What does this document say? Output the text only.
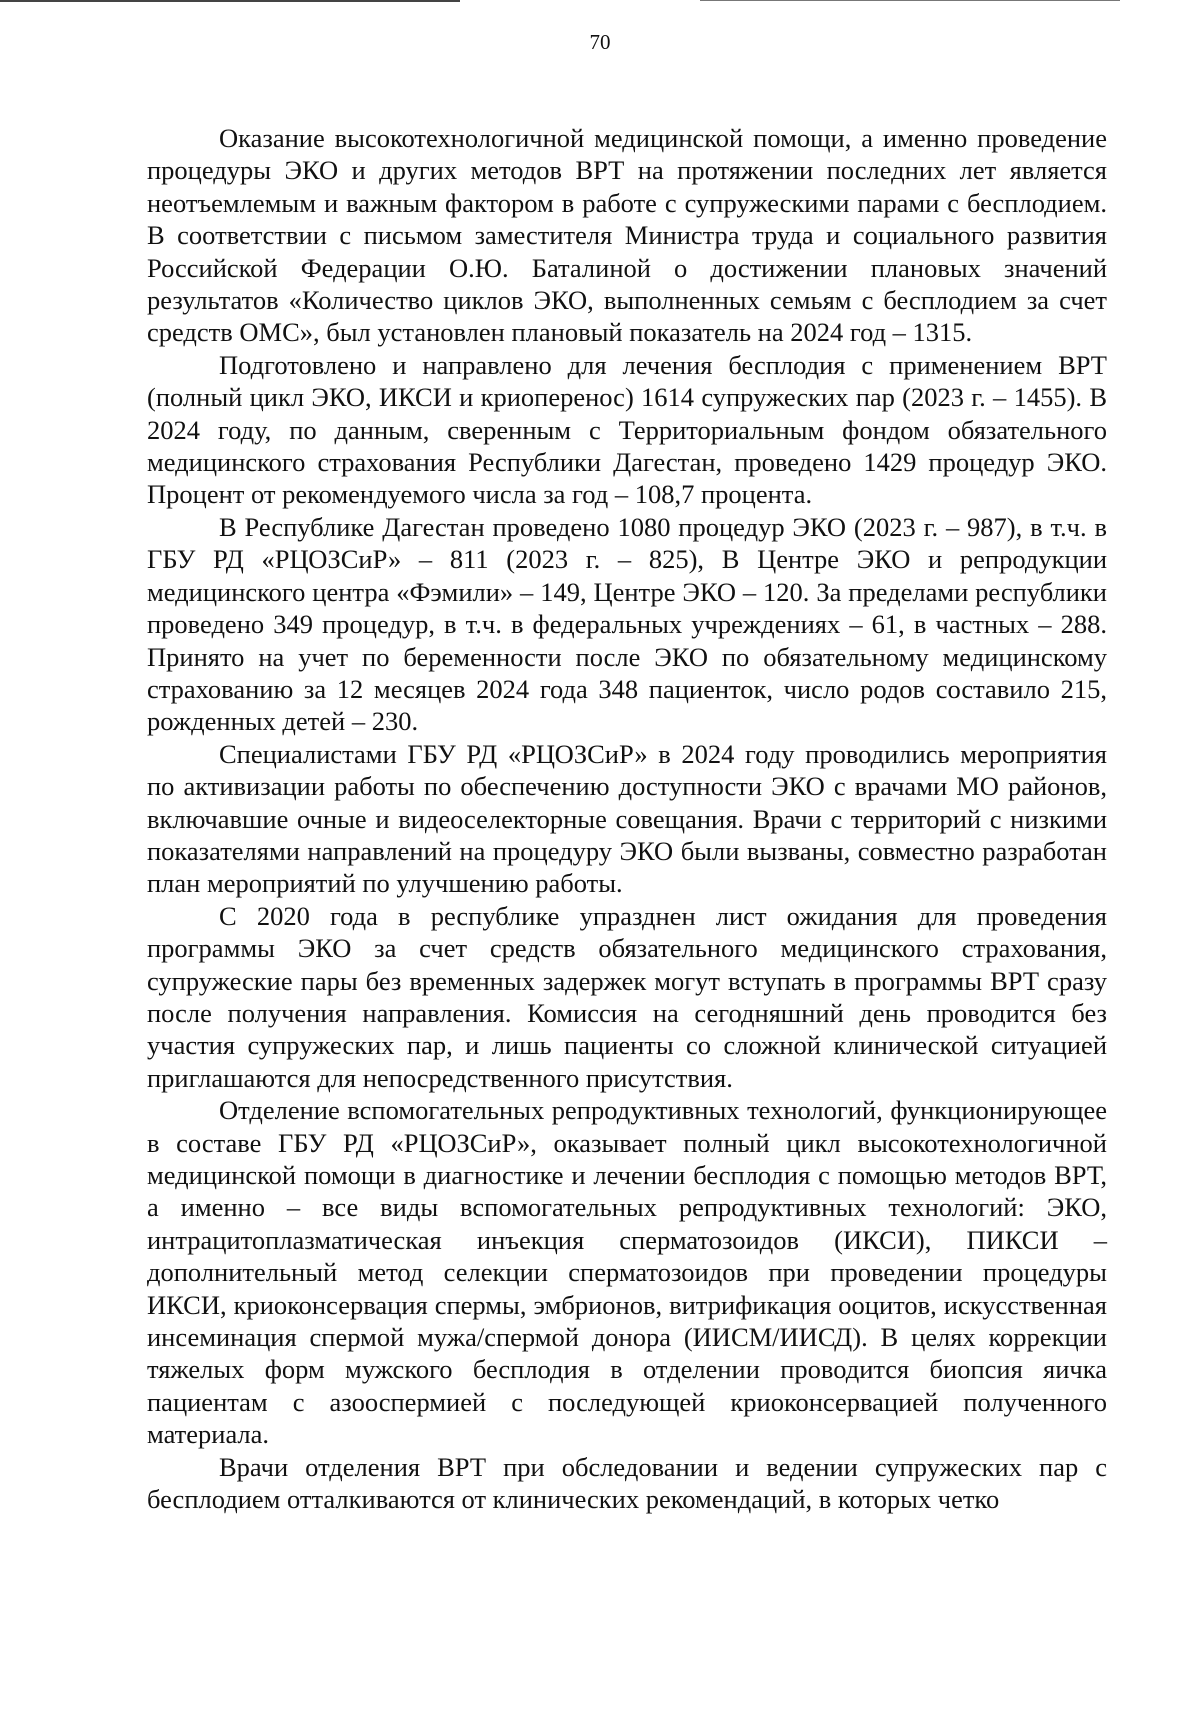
70

Оказание высокотехнологичной медицинской помощи, а именно проведение процедуры ЭКО и других методов ВРТ на протяжении последних лет является неотъемлемым и важным фактором в работе с супружескими парами с бесплодием. В соответствии с письмом заместителя Министра труда и социального развития Российской Федерации О.Ю. Баталиной о достижении плановых значений результатов «Количество циклов ЭКО, выполненных семьям с бесплодием за счет средств ОМС», был установлен плановый показатель на 2024 год – 1315.

Подготовлено и направлено для лечения бесплодия с применением ВРТ (полный цикл ЭКО, ИКСИ и криоперенос) 1614 супружеских пар (2023 г. – 1455). В 2024 году, по данным, сверенным с Территориальным фондом обязательного медицинского страхования Республики Дагестан, проведено 1429 процедур ЭКО. Процент от рекомендуемого числа за год – 108,7 процента.

В Республике Дагестан проведено 1080 процедур ЭКО (2023 г. – 987), в т.ч. в ГБУ РД «РЦОЗСиР» – 811 (2023 г. – 825), В Центре ЭКО и репродукции медицинского центра «Фэмили» – 149, Центре ЭКО – 120. За пределами республики проведено 349 процедур, в т.ч. в федеральных учреждениях – 61, в частных – 288. Принято на учет по беременности после ЭКО по обязательному медицинскому страхованию за 12 месяцев 2024 года 348 пациенток, число родов составило 215, рожденных детей – 230.

Специалистами ГБУ РД «РЦОЗСиР» в 2024 году проводились мероприятия по активизации работы по обеспечению доступности ЭКО с врачами МО районов, включавшие очные и видеоселекторные совещания. Врачи с территорий с низкими показателями направлений на процедуру ЭКО были вызваны, совместно разработан план мероприятий по улучшению работы.

С 2020 года в республике упразднен лист ожидания для проведения программы ЭКО за счет средств обязательного медицинского страхования, супружеские пары без временных задержек могут вступать в программы ВРТ сразу после получения направления. Комиссия на сегодняшний день проводится без участия супружеских пар, и лишь пациенты со сложной клинической ситуацией приглашаются для непосредственного присутствия.

Отделение вспомогательных репродуктивных технологий, функционирующее в составе ГБУ РД «РЦОЗСиР», оказывает полный цикл высокотехнологичной медицинской помощи в диагностике и лечении бесплодия с помощью методов ВРТ, а именно – все виды вспомогательных репродуктивных технологий: ЭКО, интрацитоплазматическая инъекция сперматозоидов (ИКСИ), ПИКСИ – дополнительный метод селекции сперматозоидов при проведении процедуры ИКСИ, криоконсервация спермы, эмбрионов, витрификация ооцитов, искусственная инсеминация спермой мужа/спермой донора (ИИСМ/ИИСД). В целях коррекции тяжелых форм мужского бесплодия в отделении проводится биопсия яичка пациентам с азооспермией с последующей криоконсервацией полученного материала.

Врачи отделения ВРТ при обследовании и ведении супружеских пар с бесплодием отталкиваются от клинических рекомендаций, в которых четко
